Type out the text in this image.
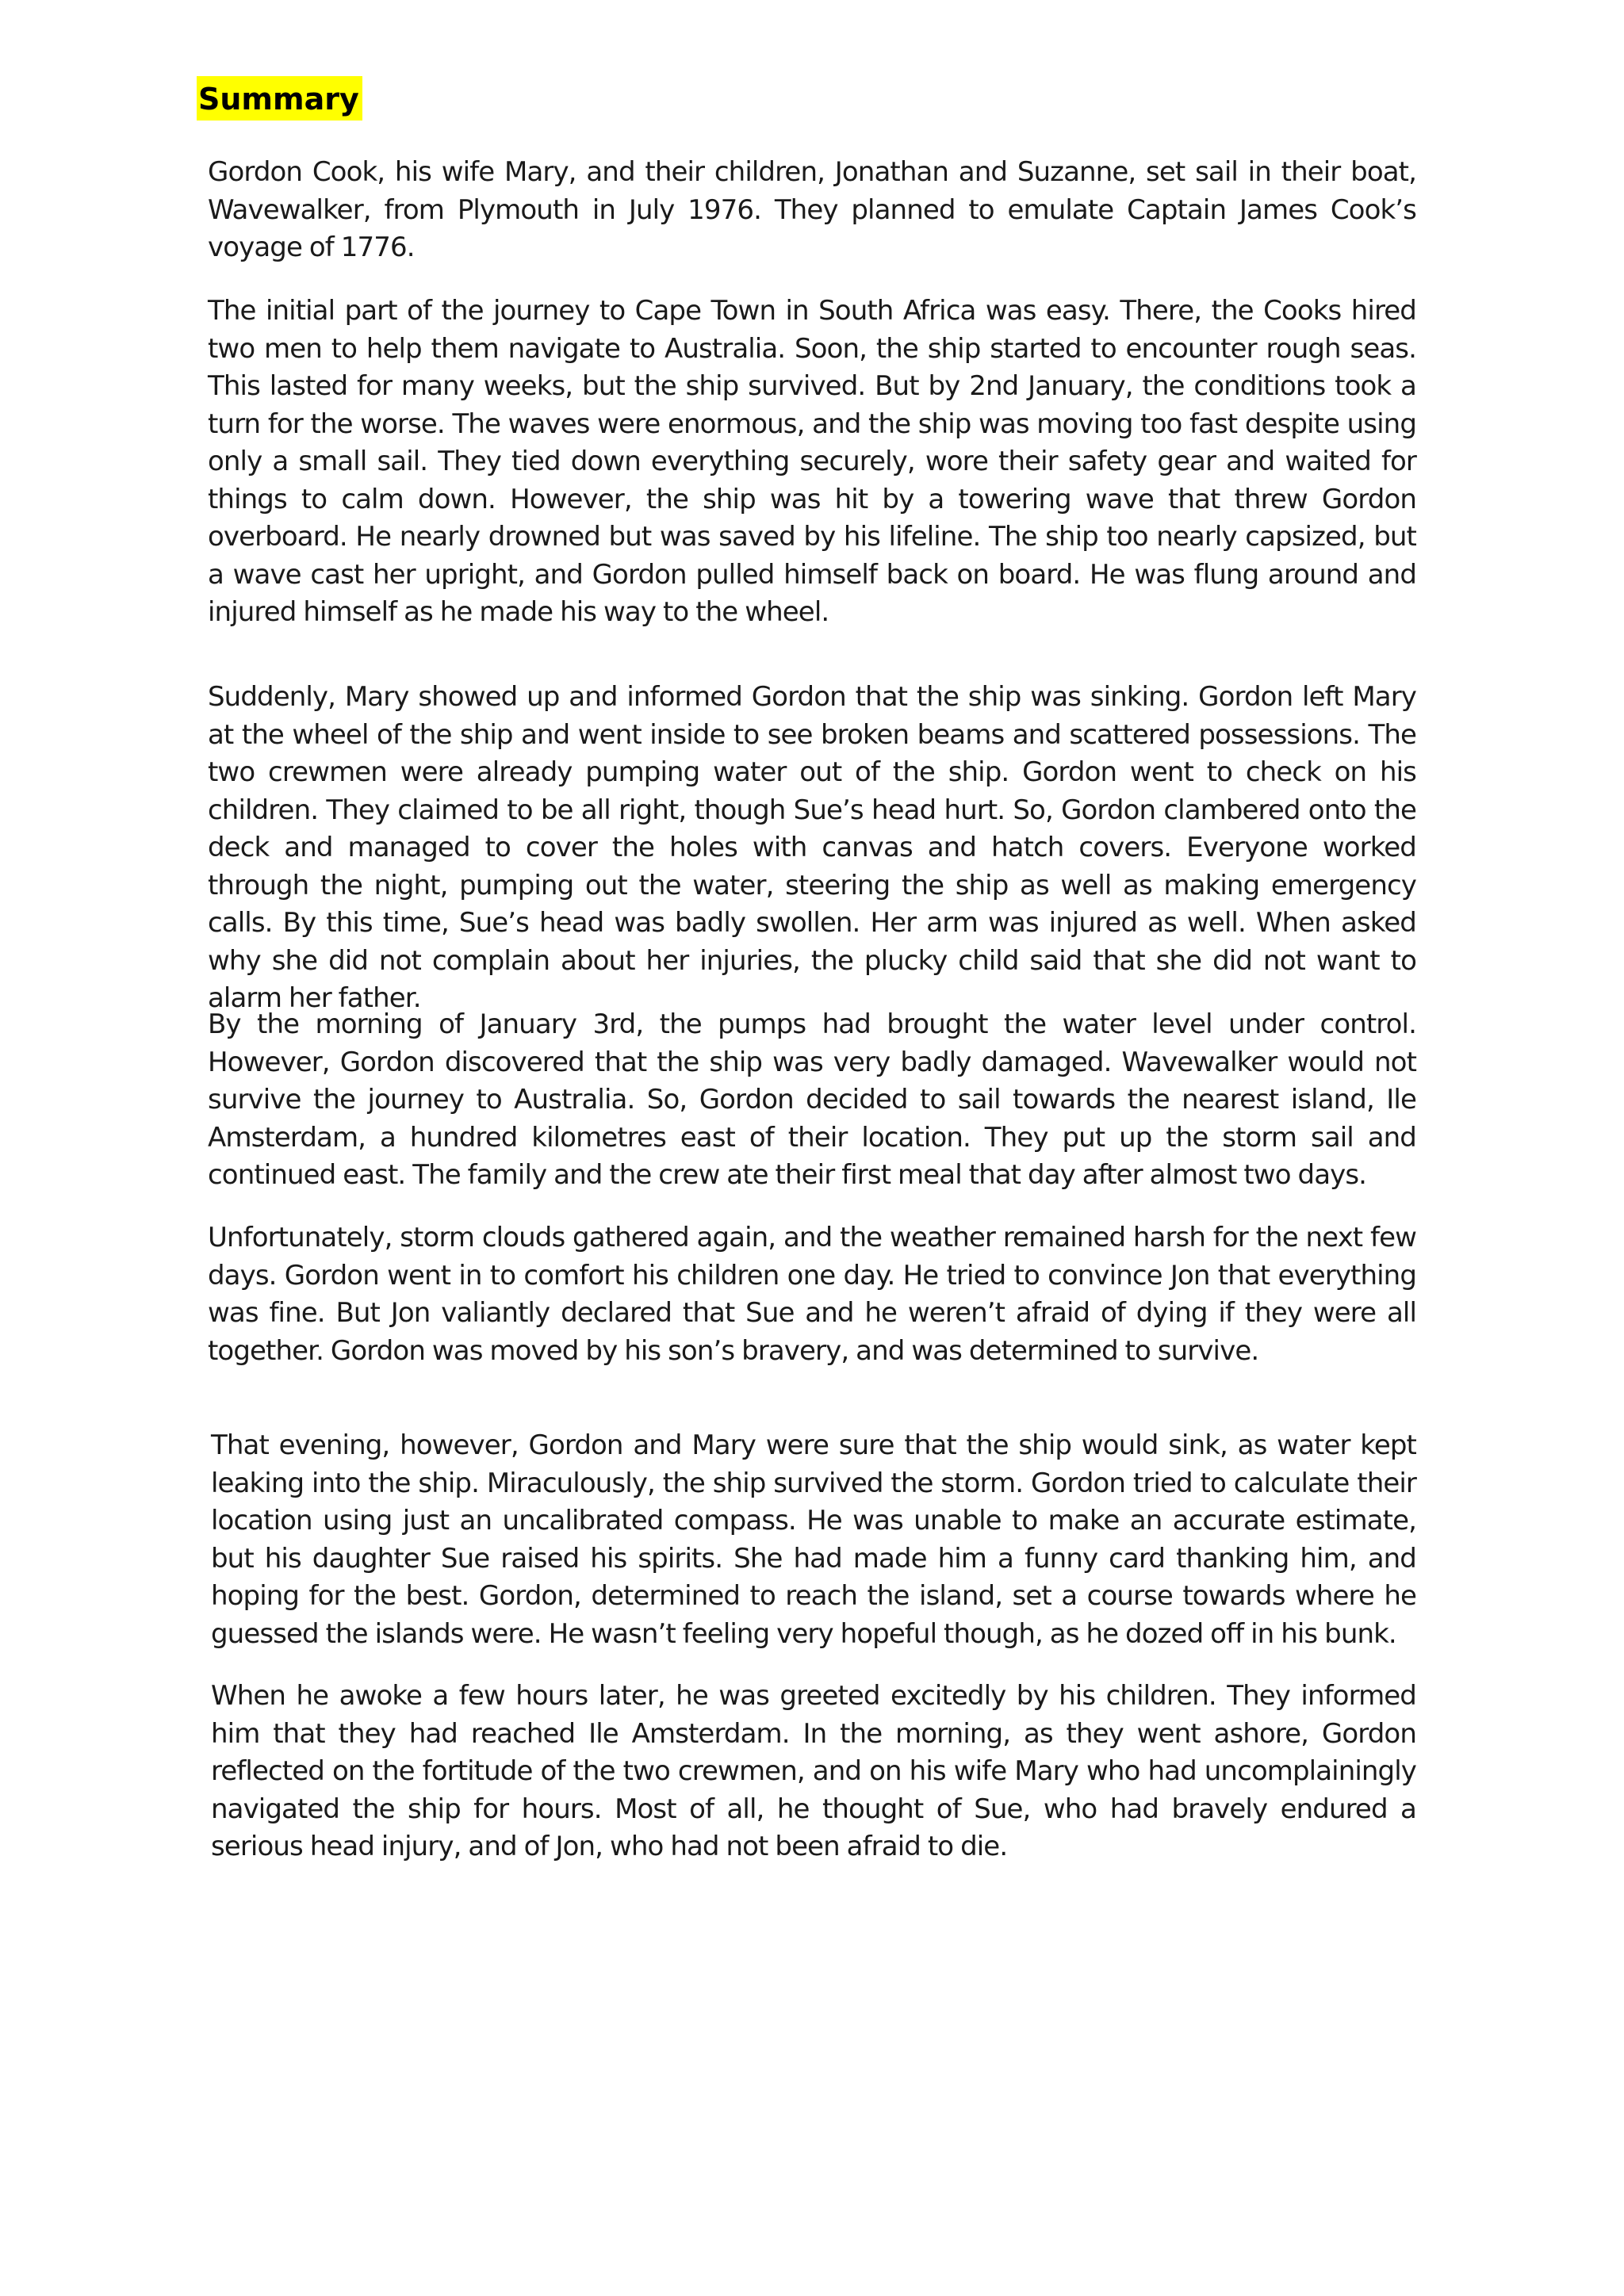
Summary

Gordon Cook, his wife Mary, and their children, Jonathan and Suzanne, set sail in their boat, Wavewalker, from Plymouth in July 1976. They planned to emulate Captain James Cook’s voyage of 1776.

The initial part of the journey to Cape Town in South Africa was easy. There, the Cooks hired two men to help them navigate to Australia. Soon, the ship started to encounter rough seas. This lasted for many weeks, but the ship survived. But by 2nd January, the conditions took a turn for the worse. The waves were enormous, and the ship was moving too fast despite using only a small sail. They tied down everything securely, wore their safety gear and waited for things to calm down. However, the ship was hit by a towering wave that threw Gordon overboard. He nearly drowned but was saved by his lifeline. The ship too nearly capsized, but a wave cast her upright, and Gordon pulled himself back on board. He was flung around and injured himself as he made his way to the wheel.

Suddenly, Mary showed up and informed Gordon that the ship was sinking. Gordon left Mary at the wheel of the ship and went inside to see broken beams and scattered possessions. The two crewmen were already pumping water out of the ship. Gordon went to check on his children. They claimed to be all right, though Sue’s head hurt. So, Gordon clambered onto the deck and managed to cover the holes with canvas and hatch covers. Everyone worked through the night, pumping out the water, steering the ship as well as making emergency calls. By this time, Sue’s head was badly swollen. Her arm was injured as well. When asked why she did not complain about her injuries, the plucky child said that she did not want to alarm her father.

By the morning of January 3rd, the pumps had brought the water level under control. However, Gordon discovered that the ship was very badly damaged. Wavewalker would not survive the journey to Australia. So, Gordon decided to sail towards the nearest island, Ile Amsterdam, a hundred kilometres east of their location. They put up the storm sail and continued east. The family and the crew ate their first meal that day after almost two days.

Unfortunately, storm clouds gathered again, and the weather remained harsh for the next few days. Gordon went in to comfort his children one day. He tried to convince Jon that everything was fine. But Jon valiantly declared that Sue and he weren’t afraid of dying if they were all together. Gordon was moved by his son’s bravery, and was determined to survive.

That evening, however, Gordon and Mary were sure that the ship would sink, as water kept leaking into the ship. Miraculously, the ship survived the storm. Gordon tried to calculate their location using just an uncalibrated compass. He was unable to make an accurate estimate, but his daughter Sue raised his spirits. She had made him a funny card thanking him, and hoping for the best. Gordon, determined to reach the island, set a course towards where he guessed the islands were. He wasn’t feeling very hopeful though, as he dozed off in his bunk.

When he awoke a few hours later, he was greeted excitedly by his children. They informed him that they had reached Ile Amsterdam. In the morning, as they went ashore, Gordon reflected on the fortitude of the two crewmen, and on his wife Mary who had uncomplainingly navigated the ship for hours. Most of all, he thought of Sue, who had bravely endured a serious head injury, and of Jon, who had not been afraid to die.
